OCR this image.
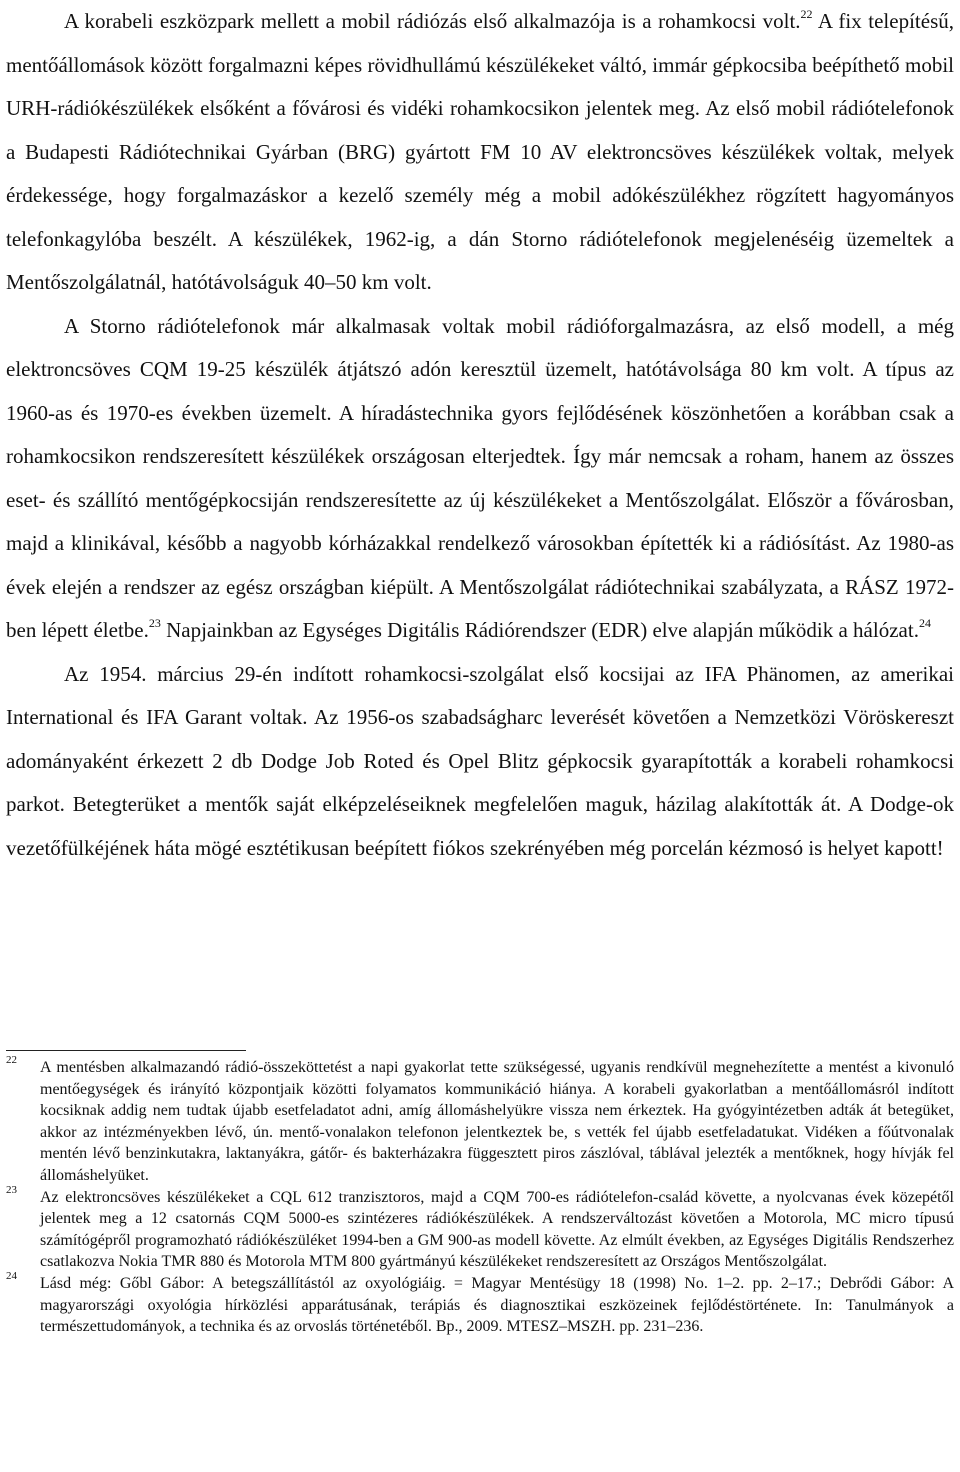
A korabeli eszközpark mellett a mobil rádiózás első alkalmazója is a rohamkocsi volt.$^{22}$ A fix telepítésű, mentőállomások között forgalmazni képes rövidhullámú készülékeket váltó, immár gépkocsiba beépíthető mobil URH-rádiókészülékek elsőként a fővárosi és vidéki rohamkocsikon jelentek meg. Az első mobil rádiótelefonok a Budapesti Rádiótechnikai Gyárban (BRG) gyártott FM 10 AV elektroncsöves készülékek voltak, melyek érdekessége, hogy forgalmazáskor a kezelő személy még a mobil adókészülékhez rögzített hagyományos telefonkagylóba beszélt. A készülékek, 1962-ig, a dán Storno rádiótelefonok megjelenéséig üzemeltek a Mentőszolgálatnál, hatótávolságuk 40–50 km volt.

A Storno rádiótelefonok már alkalmasak voltak mobil rádióforgalmazásra, az első modell, a még elektroncsöves CQM 19-25 készülék átjátszó adón keresztül üzemelt, hatótávolsága 80 km volt. A típus az 1960-as és 1970-es években üzemelt. A híradástechnika gyors fejlődésének köszönhetően a korábban csak a rohamkocsikon rendszeresített készülékek országosan elterjedtek. Így már nemcsak a roham, hanem az összes eset- és szállító mentőgépkocsiján rendszeresítette az új készülékeket a Mentőszolgálat. Először a fővárosban, majd a klinikával, később a nagyobb kórházakkal rendelkező városokban építették ki a rádiósítást. Az 1980-as évek elején a rendszer az egész országban kiépült. A Mentőszolgálat rádiótechnikai szabályzata, a RÁSZ 1972-ben lépett életbe.$^{23}$ Napjainkban az Egységes Digitális Rádiórendszer (EDR) elve alapján működik a hálózat.$^{24}$

Az 1954. március 29-én indított rohamkocsi-szolgálat első kocsijai az IFA Phänomen, az amerikai International és IFA Garant voltak. Az 1956-os szabadságharc leverését követően a Nemzetközi Vöröskereszt adományaként érkezett 2 db Dodge Job Roted és Opel Blitz gépkocsik gyarapították a korabeli rohamkocsi parkot. Betegterüket a mentők saját elképzeléseiknek megfelelően maguk, házilag alakították át. A Dodge-ok vezetőfülkéjének háta mögé esztétikusan beépített fiókos szekrényében még porcelán kézmosó is helyet kapott!

22 A mentésben alkalmazandó rádió-összeköttetést a napi gyakorlat tette szükségessé, ugyanis rendkívül megnehezítette a mentést a kivonuló mentőegységek és irányító központjaik közötti folyamatos kommunikáció hiánya. A korabeli gyakorlatban a mentőállomásról indított kocsiknak addig nem tudtak újabb esetfeladatot adni, amíg állomáshelyükre vissza nem érkeztek. Ha gyógyintézetben adták át betegüket, akkor az intézményekben lévő, ún. mentő-vonalakon telefonon jelentkeztek be, s vették fel újabb esetfeladatukat. Vidéken a főútvonalak mentén lévő benzinkutakra, laktanyákra, gátőr- és bakterházakra függesztett piros zászlóval, táblával jelezték a mentőknek, hogy hívják fel állomáshelyüket.
23 Az elektroncsöves készülékeket a CQL 612 tranzisztoros, majd a CQM 700-es rádiótelefon-család követte, a nyolcvanas évek közepétől jelentek meg a 12 csatornás CQM 5000-es szintézeres rádiókészülékek. A rendszerváltozást követően a Motorola, MC micro típusú számítógépről programozható rádiókészüléket 1994-ben a GM 900-as modell követte. Az elmúlt években, az Egységes Digitális Rendszerhez csatlakozva Nokia TMR 880 és Motorola MTM 800 gyártmányú készülékeket rendszeresített az Országos Mentőszolgálat.
24 Lásd még: Gőbl Gábor: A betegszállítástól az oxyológiáig. = Magyar Mentésügy 18 (1998) No. 1–2. pp. 2–17.; Debrődi Gábor: A magyarországi oxyológia hírközlési apparátusának, terápiás és diagnosztikai eszközeinek fejlődéstörténete. In: Tanulmányok a természettudományok, a technika és az orvoslás történetéből. Bp., 2009. MTESZ–MSZH. pp. 231–236.
